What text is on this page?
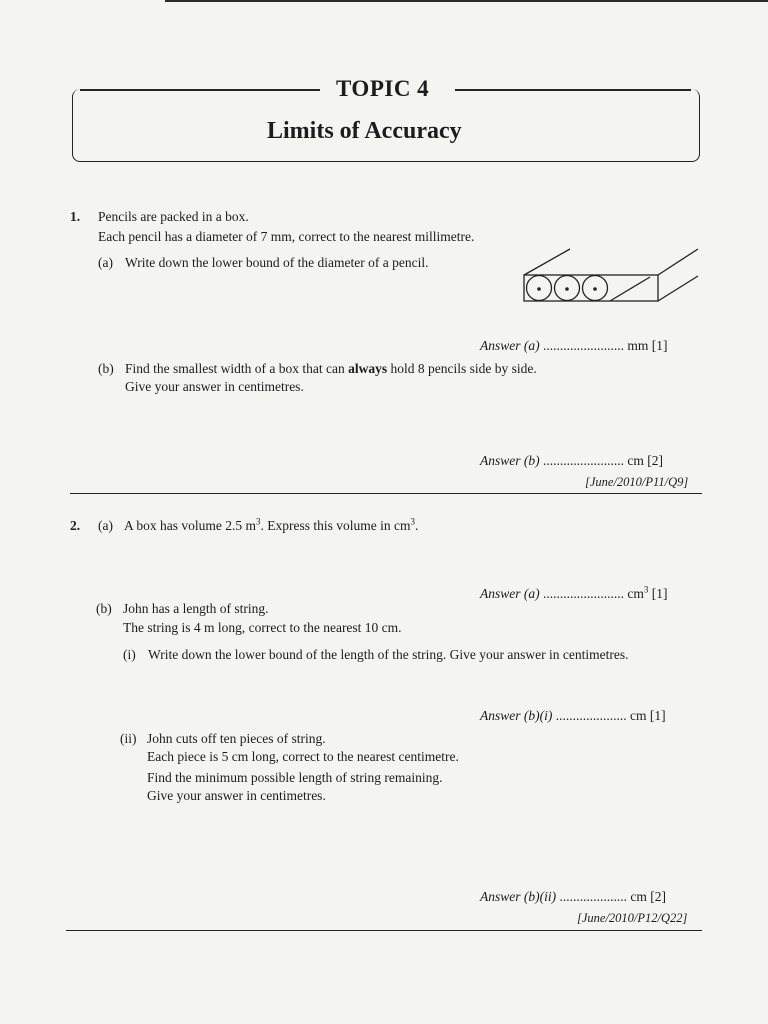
TOPIC 4
Limits of Accuracy
1. Pencils are packed in a box.
Each pencil has a diameter of 7 mm, correct to the nearest millimetre.
(a) Write down the lower bound of the diameter of a pencil.
Answer (a) ........................ mm [1]
(b) Find the smallest width of a box that can always hold 8 pencils side by side.
Give your answer in centimetres.
Answer (b) ........................ cm [2]
[June/2010/P11/Q9]
2. (a) A box has volume 2.5 $m^3$. Express this volume in $cm^3$.
Answer (a) ........................ $cm^3$ [1]
(b) John has a length of string.
The string is 4 m long, correct to the nearest 10 cm.
(i) Write down the lower bound of the length of the string. Give your answer in centimetres.
Answer (b)(i) ..................... cm [1]
(ii) John cuts off ten pieces of string.
Each piece is 5 cm long, correct to the nearest centimetre.
Find the minimum possible length of string remaining.
Give your answer in centimetres.
Answer (b)(ii) .................... cm [2]
[June/2010/P12/Q22]
